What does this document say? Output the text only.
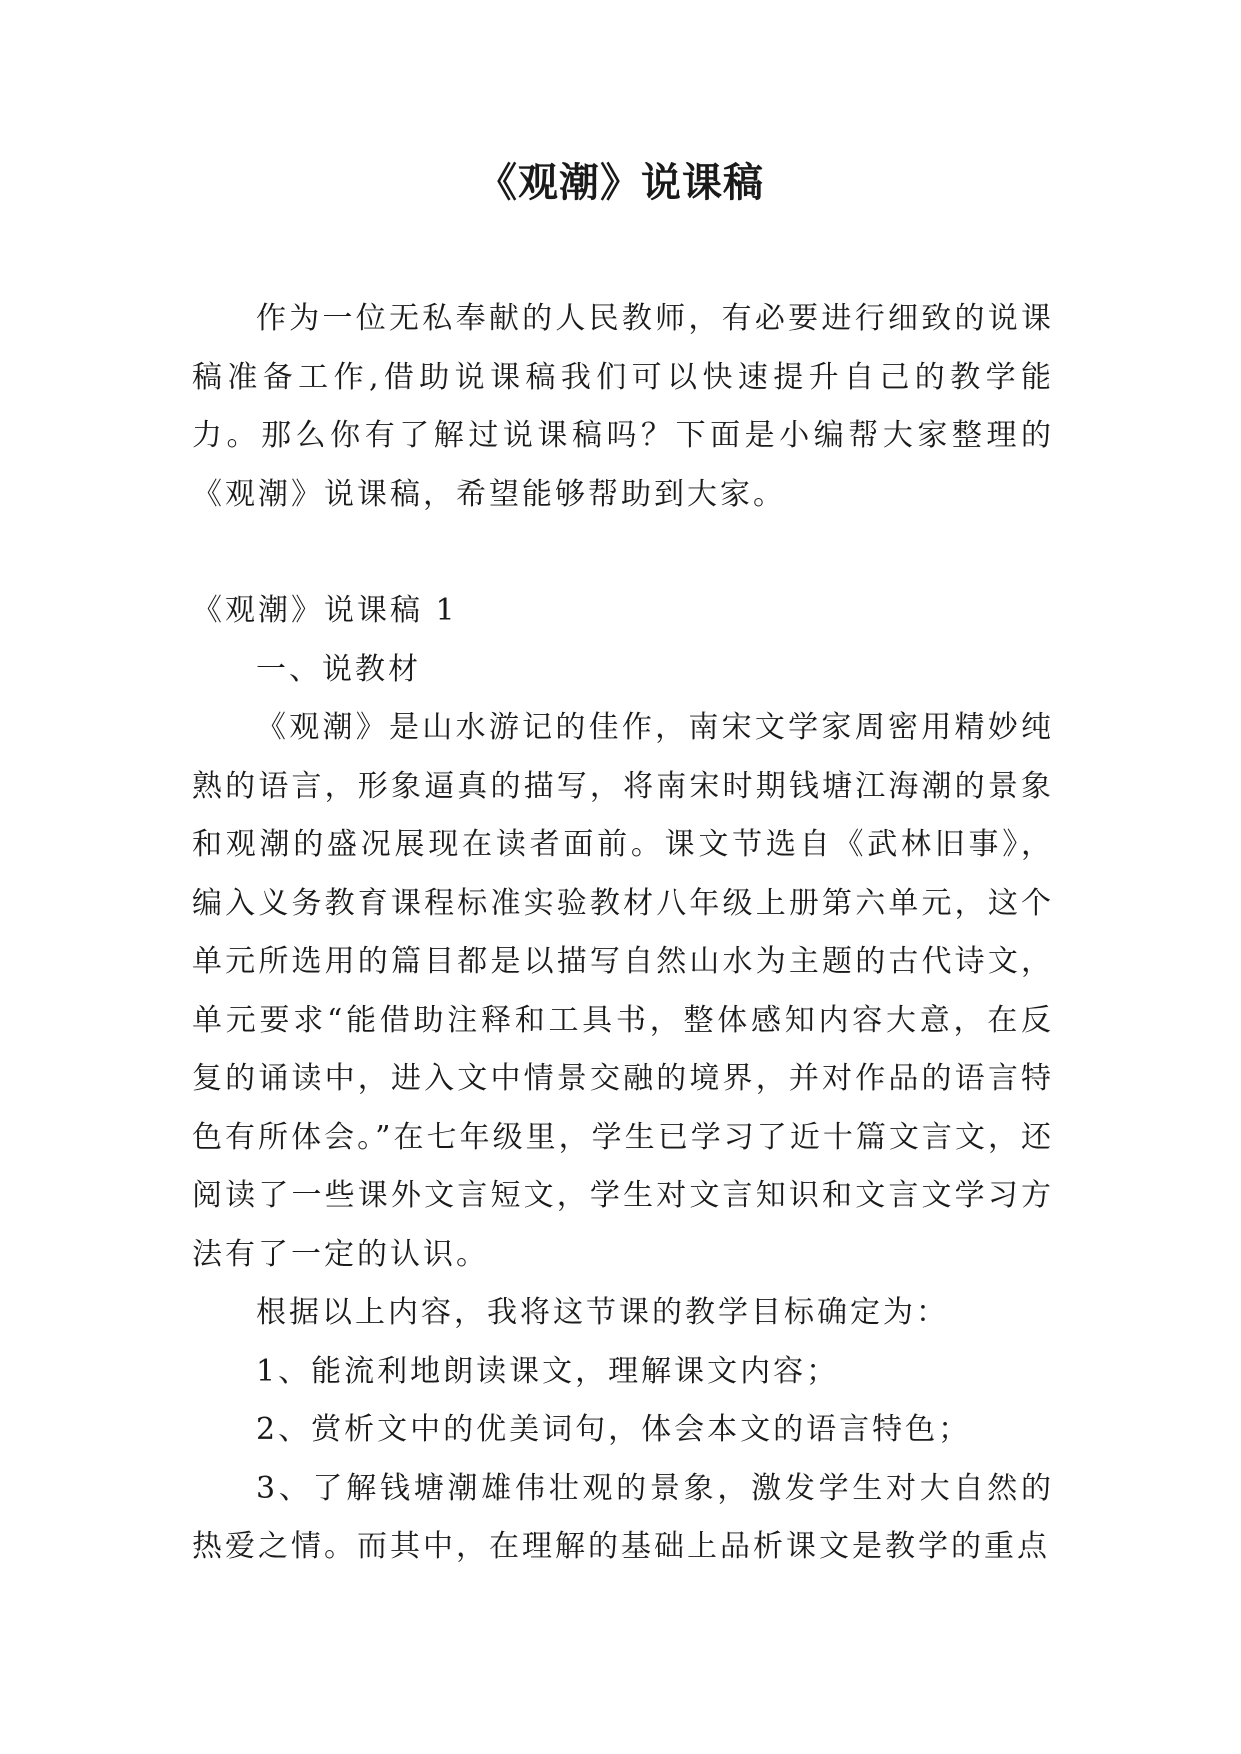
《观潮》说课稿

作为一位无私奉献的人民教师，有必要进行细致的说课稿准备工作,借助说课稿我们可以快速提升自己的教学能力。那么你有了解过说课稿吗？下面是小编帮大家整理的《观潮》说课稿，希望能够帮助到大家。

《观潮》说课稿 1

一、说教材

《观潮》是山水游记的佳作，南宋文学家周密用精妙纯熟的语言，形象逼真的描写，将南宋时期钱塘江海潮的景象和观潮的盛况展现在读者面前。课文节选自《武林旧事》，编入义务教育课程标准实验教材八年级上册第六单元，这个单元所选用的篇目都是以描写自然山水为主题的古代诗文，单元要求“能借助注释和工具书，整体感知内容大意，在反复的诵读中，进入文中情景交融的境界，并对作品的语言特色有所体会。”在七年级里，学生已学习了近十篇文言文，还阅读了一些课外文言短文，学生对文言知识和文言文学习方法有了一定的认识。

根据以上内容，我将这节课的教学目标确定为：

1、能流利地朗读课文，理解课文内容；

2、赏析文中的优美词句，体会本文的语言特色；

3、了解钱塘潮雄伟壮观的景象，激发学生对大自然的热爱之情。而其中，在理解的基础上品析课文是教学的重点
